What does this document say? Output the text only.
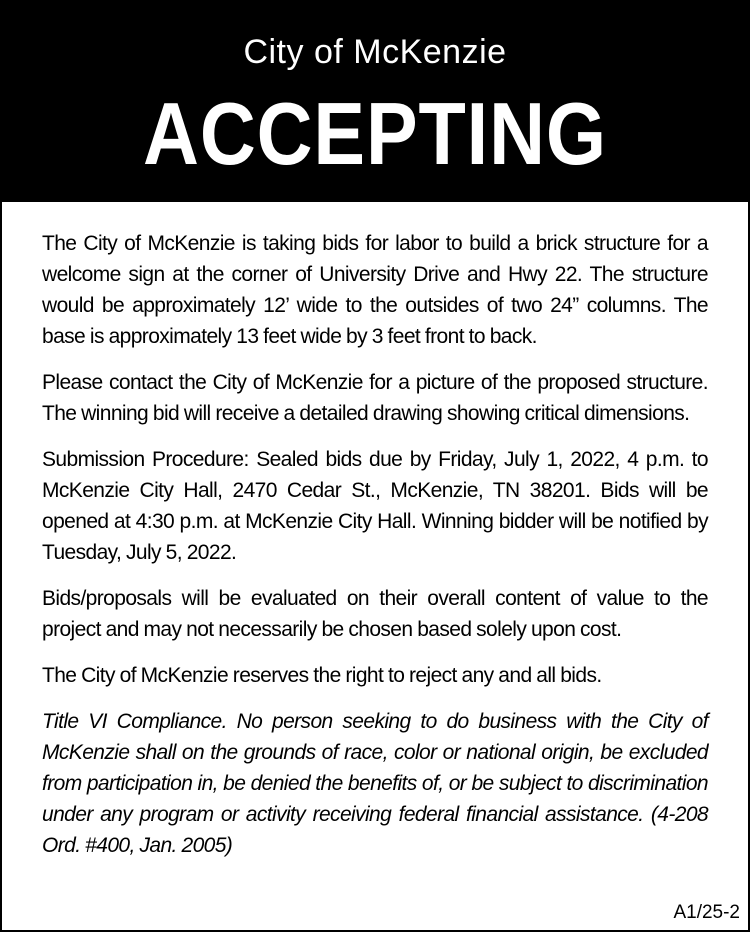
City of McKenzie
ACCEPTING BIDS

The City of McKenzie is taking bids for labor to build a brick structure for a welcome sign at the corner of University Drive and Hwy 22. The structure would be approximately 12’ wide to the outsides of two 24” columns. The base is approximately 13 feet wide by 3 feet front to back.

Please contact the City of McKenzie for a picture of the proposed structure. The winning bid will receive a detailed drawing showing critical dimensions.

Submission Procedure: Sealed bids due by Friday, July 1, 2022, 4 p.m. to McKenzie City Hall, 2470 Cedar St., McKenzie, TN 38201. Bids will be opened at 4:30 p.m. at McKenzie City Hall. Winning bidder will be notified by Tuesday, July 5, 2022.

Bids/proposals will be evaluated on their overall content of value to the project and may not necessarily be chosen based solely upon cost.

The City of McKenzie reserves the right to reject any and all bids.

Title VI Compliance. No person seeking to do business with the City of McKenzie shall on the grounds of race, color or national origin, be excluded from participation in, be denied the benefits of, or be subject to discrimination under any program or activity receiving federal financial assistance. (4-208 Ord. #400, Jan. 2005)

A1/25-2
